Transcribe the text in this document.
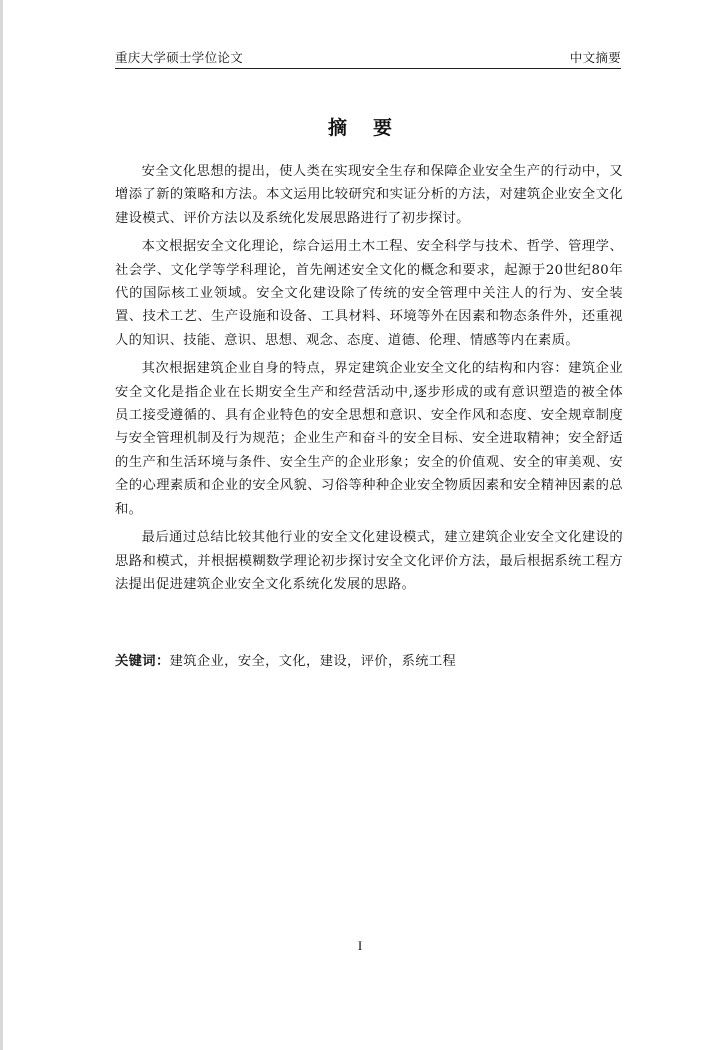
重庆大学硕士学位论文	中文摘要
摘要

安全文化思想的提出，使人类在实现安全生存和保障企业安全生产的行动中，又增添了新的策略和方法。本文运用比较研究和实证分析的方法，对建筑企业安全文化建设模式、评价方法以及系统化发展思路进行了初步探讨。

本文根据安全文化理论，综合运用土木工程、安全科学与技术、哲学、管理学、社会学、文化学等学科理论，首先阐述安全文化的概念和要求，起源于20世纪80年代的国际核工业领域。安全文化建设除了传统的安全管理中关注人的行为、安全装置、技术工艺、生产设施和设备、工具材料、环境等外在因素和物态条件外，还重视人的知识、技能、意识、思想、观念、态度、道德、伦理、情感等内在素质。

其次根据建筑企业自身的特点，界定建筑企业安全文化的结构和内容：建筑企业安全文化是指企业在长期安全生产和经营活动中,逐步形成的或有意识塑造的被全体员工接受遵循的、具有企业特色的安全思想和意识、安全作风和态度、安全规章制度与安全管理机制及行为规范；企业生产和奋斗的安全目标、安全进取精神；安全舒适的生产和生活环境与条件、安全生产的企业形象；安全的价值观、安全的审美观、安全的心理素质和企业的安全风貌、习俗等种种企业安全物质因素和安全精神因素的总和。

最后通过总结比较其他行业的安全文化建设模式，建立建筑企业安全文化建设的思路和模式，并根据模糊数学理论初步探讨安全文化评价方法，最后根据系统工程方法提出促进建筑企业安全文化系统化发展的思路。

关键词：建筑企业，安全，文化，建设，评价，系统工程
I
